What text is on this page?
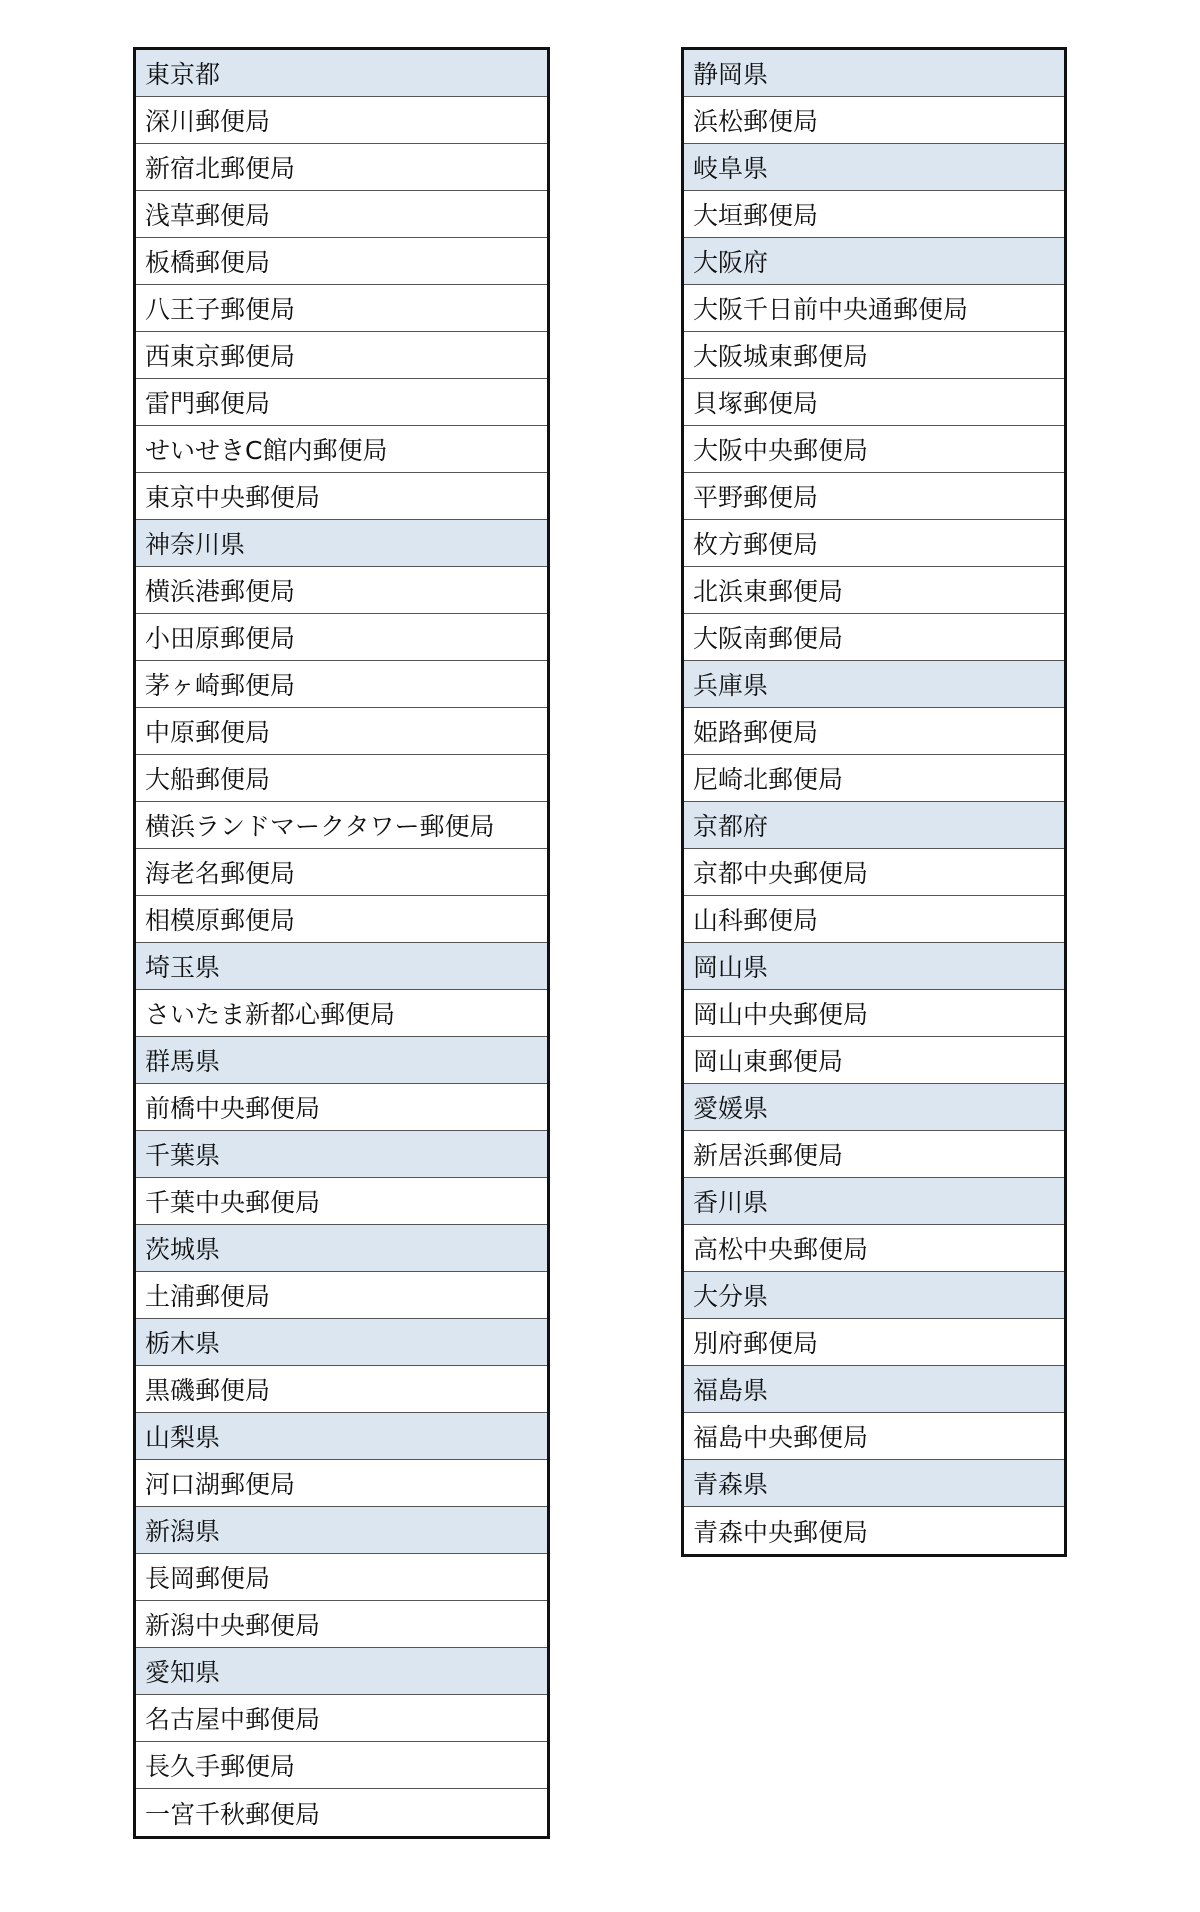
東京都
深川郵便局
新宿北郵便局
浅草郵便局
板橋郵便局
八王子郵便局
西東京郵便局
雷門郵便局
せいせきC館内郵便局
東京中央郵便局
神奈川県
横浜港郵便局
小田原郵便局
茅ヶ崎郵便局
中原郵便局
大船郵便局
横浜ランドマークタワー郵便局
海老名郵便局
相模原郵便局
埼玉県
さいたま新都心郵便局
群馬県
前橋中央郵便局
千葉県
千葉中央郵便局
茨城県
土浦郵便局
栃木県
黒磯郵便局
山梨県
河口湖郵便局
新潟県
長岡郵便局
新潟中央郵便局
愛知県
名古屋中郵便局
長久手郵便局
一宮千秋郵便局
静岡県
浜松郵便局
岐阜県
大垣郵便局
大阪府
大阪千日前中央通郵便局
大阪城東郵便局
貝塚郵便局
大阪中央郵便局
平野郵便局
枚方郵便局
北浜東郵便局
大阪南郵便局
兵庫県
姫路郵便局
尼崎北郵便局
京都府
京都中央郵便局
山科郵便局
岡山県
岡山中央郵便局
岡山東郵便局
愛媛県
新居浜郵便局
香川県
高松中央郵便局
大分県
別府郵便局
福島県
福島中央郵便局
青森県
青森中央郵便局
